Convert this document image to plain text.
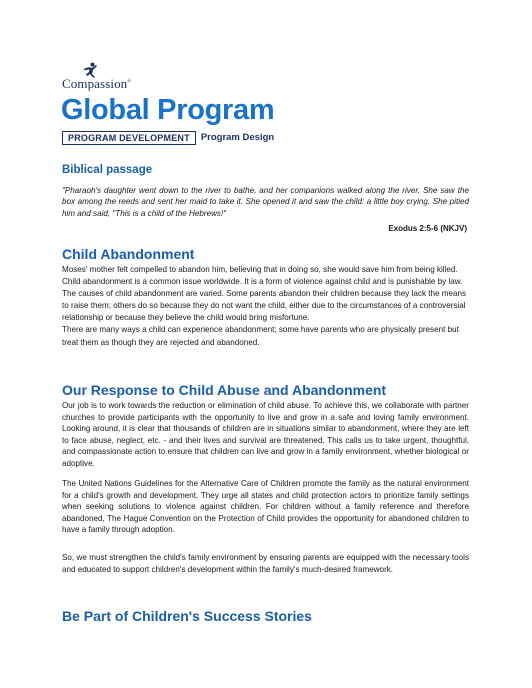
Compassion®
Global Program
PROGRAM DEVELOPMENT	Program Design
Biblical passage
"Pharaoh's daughter went down to the river to bathe, and her companions walked along the river. She saw the box among the reeds and sent her maid to take it. She opened it and saw the child: a little boy crying. She pitied him and said, "This is a child of the Hebrews!"
Exodus 2:5-6 (NKJV)
Child Abandonment
Moses' mother felt compelled to abandon him, believing that in doing so, she would save him from being killed. Child abandonment is a common issue worldwide. It is a form of violence against child and is punishable by law.
The causes of child abandonment are varied. Some parents abandon their children because they lack the means to raise them; others do so because they do not want the child, either due to the circumstances of a controversial relationship or because they believe the child would bring misfortune.
There are many ways a child can experience abandonment; some have parents who are physically present but treat them as though they are rejected and abandoned.
Our Response to Child Abuse and Abandonment

Our job is to work towards the reduction or elimination of child abuse. To achieve this, we collaborate with partner churches to provide participants with the opportunity to live and grow in a safe and loving family environment. Looking around, it is clear that thousands of children are in situations similar to abandonment, where they are left to face abuse, neglect, etc. - and their lives and survival are threatened. This calls us to take urgent, thoughtful, and compassionate action to ensure that children can live and grow in a family environment, whether biological or adoptive.

The United Nations Guidelines for the Alternative Care of Children promote the family as the natural environment for a child's growth and development. They urge all states and child protection actors to prioritize family settings when seeking solutions to violence against children. For children without a family reference and therefore abandoned, The Hague Convention on the Protection of Child provides the opportunity for abandoned children to have a family through adoption.

So, we must strengthen the child's family environment by ensuring parents are equipped with the necessary tools and educated to support children's development within the family's much-desired framework.

Be Part of Children's Success Stories
